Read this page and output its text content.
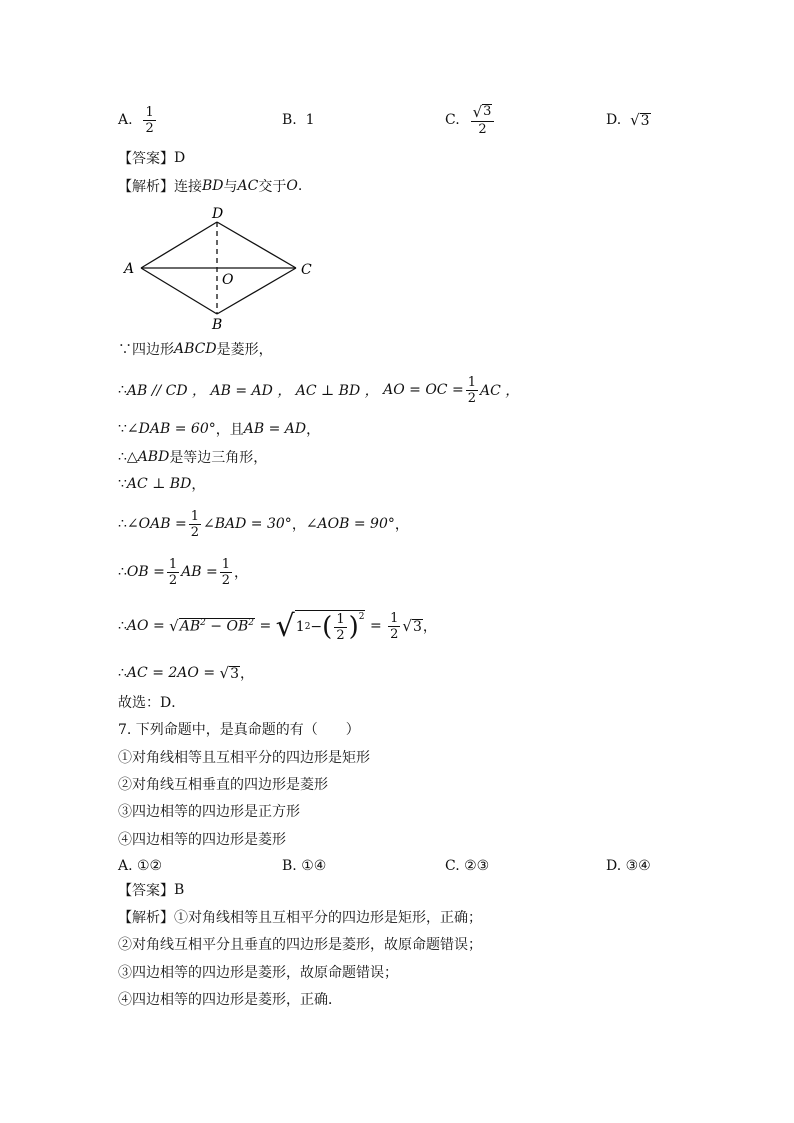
A.
$\frac{1}{2}$	B.
1	C.
$\frac{√ 3}{2}$	D.
√ 3
【答案】 D
【解析】 连接 BD 与 AC 交于 O .
D
A	C
O
B
∵四边形 ABCD 是菱形，
∴ AB // CD ，
AB = AD ，
AC ⊥ BD ，
AO = OC = $\frac{1}{2}$ AC ，
∵ ∠DAB = 60° ，且 AB = AD ，
∴△ ABD 是等边三角形，
∵ AC ⊥ BD ，
∴ ∠OAB = $\frac{1}{2}$ ∠BAD = 30° ， ∠AOB = 90° ，
∴ OB = $\frac{1}{2}$ AB = $\frac{1}{2}$ ，
∴ AO =
√ $AB^2 - OB^2$
=
√ 1 2 − ( $\frac{1}{2} )^2$

=
$\frac{1}{2}$ √ 3 ，
∴ AC = 2AO =
√ 3 ，
故选：D．
7. 下列命题中，是真命题的有（　　）
①对角线相等且互相平分的四边形是矩形
②对角线互相垂直的四边形是菱形
③四边相等的四边形是正方形
④四边相等的四边形是菱形
A. ①②	B. ①④	C. ②③	D. ③④
【答案】 B
【解析】 ①对角线相等且互相平分的四边形是矩形，正确；
②对角线互相平分且垂直的四边形是菱形，故原命题错误；
③四边相等的四边形是菱形，故原命题错误；
④四边相等的四边形是菱形，正确．
